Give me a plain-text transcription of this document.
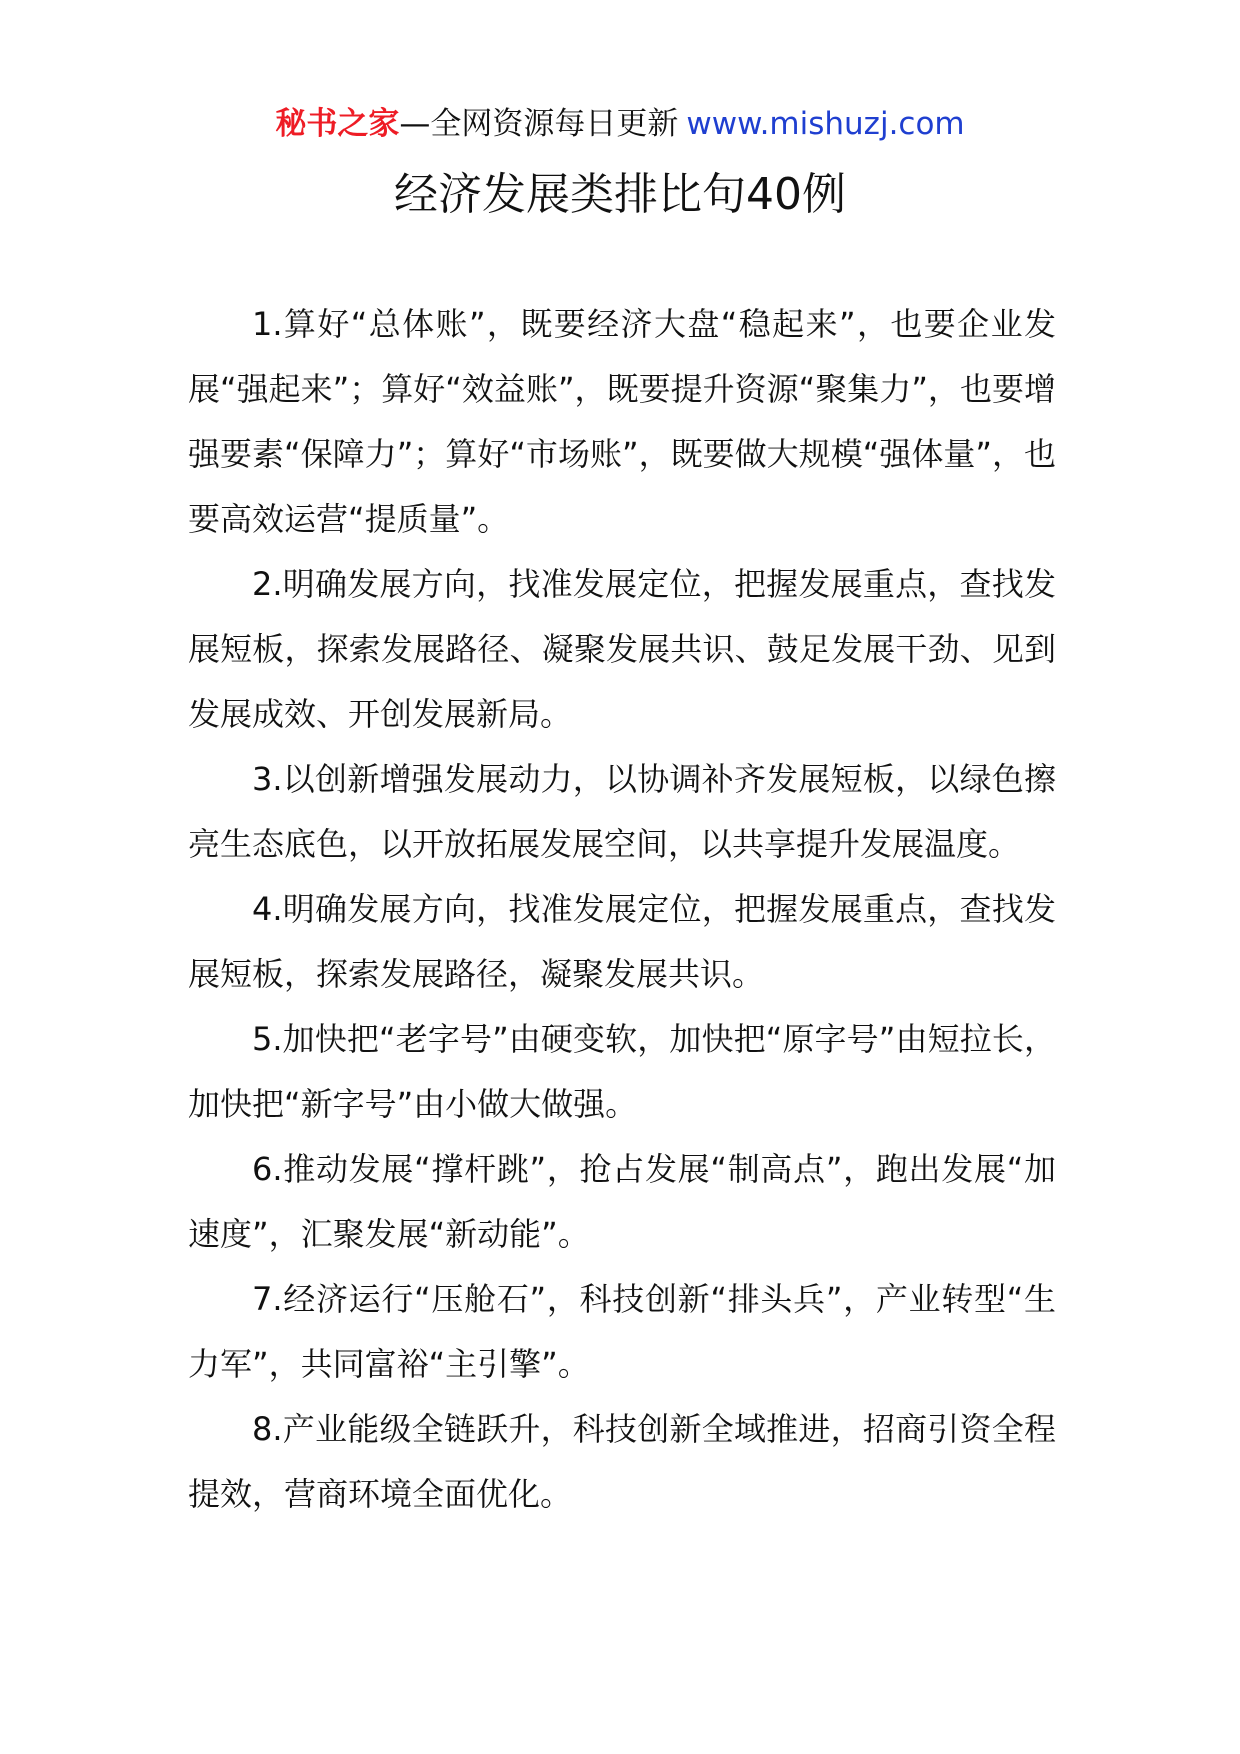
秘书之家—全网资源每日更新 www.mishuzj.com
经济发展类排比句40例

1.算好“总体账”，既要经济大盘“稳起来”，也要企业发展“强起来”；算好“效益账”，既要提升资源“聚集力”，也要增强要素“保障力”；算好“市场账”，既要做大规模“强体量”，也要高效运营“提质量”。

2.明确发展方向，找准发展定位，把握发展重点，查找发展短板，探索发展路径、凝聚发展共识、鼓足发展干劲、见到发展成效、开创发展新局。

3.以创新增强发展动力，以协调补齐发展短板，以绿色擦亮生态底色，以开放拓展发展空间，以共享提升发展温度。

4.明确发展方向，找准发展定位，把握发展重点，查找发展短板，探索发展路径，凝聚发展共识。

5.加快把“老字号”由硬变软，加快把“原字号”由短拉长，加快把“新字号”由小做大做强。

6.推动发展“撑杆跳”，抢占发展“制高点”，跑出发展“加速度”，汇聚发展“新动能”。

7.经济运行“压舱石”，科技创新“排头兵”，产业转型“生力军”，共同富裕“主引擎”。

8.产业能级全链跃升，科技创新全域推进，招商引资全程提效，营商环境全面优化。
